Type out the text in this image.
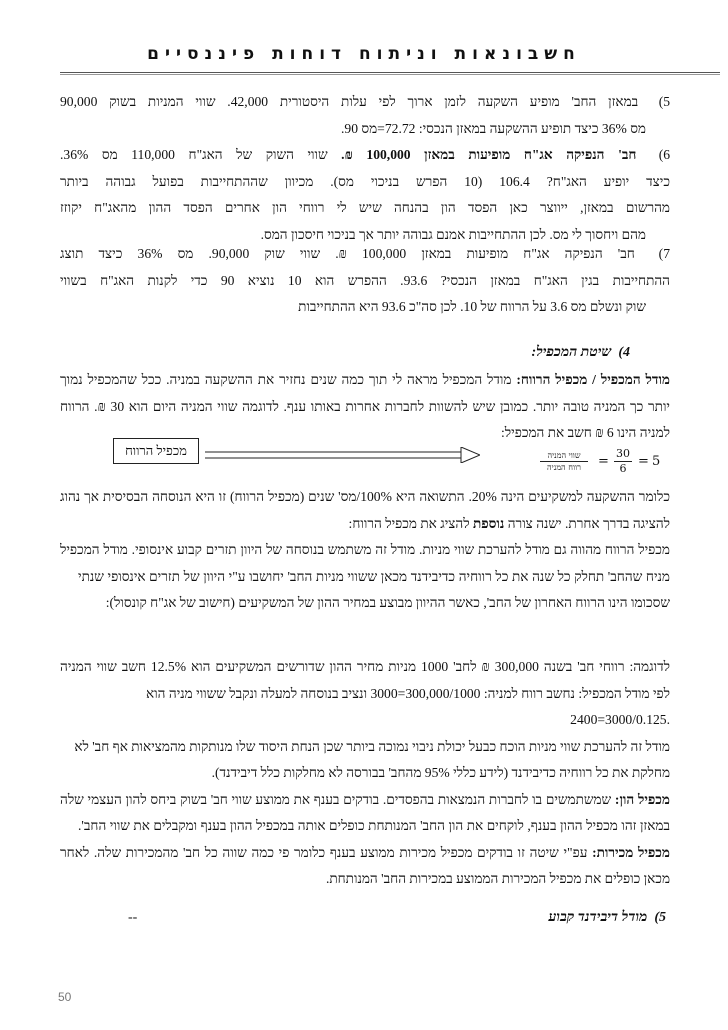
חשבונאות וניתוח דוחות פיננסיים
5) במאזן החב' מופיע השקעה לזמן ארוך לפי עלות היסטורית 42,000. שווי המניות בשוק 90,000
מס 36% כיצד תופיע ההשקעה במאזן הנכסי: 72.72=מס 90.
6) חב' הנפיקה אג"ח מופיעות במאזן 100,000 ₪. שווי השוק של האג"ח 110,000 מס 36%.
כיצד יופיע האג"ח? 106.4 (10 הפרש בניכוי מס). מכיוון שההתחייבות בפועל גבוהה ביותר
מהרשום במאזן, ייווצר כאן הפסד הון בהנחה שיש לי רווחי הון אחרים הפסד ההון מהאג"ח יקוזז
מהם ויחסוך לי מס. לכן ההתחייבות אמנם גבוהה יותר אך בניכוי חיסכון המס.
7) חב' הנפיקה אג"ח מופיעות במאזן 100,000 ₪. שווי שוק 90,000. מס 36% כיצד תוצג
ההתחייבות בגין האג"ח במאזן הנכסי? 93.6. ההפרש הוא 10 נוציא 90 כדי לקנות האג"ח בשווי
שוק ונשלם מס 3.6 על הרווח של 10. לכן סה"כ 93.6 היא ההתחייבות
4)  שיטת המכפיל:
מודל המכפיל / מכפיל הרווח: מודל המכפיל מראה לי תוך כמה שנים נחזיר את ההשקעה במניה. ככל שהמכפיל נמוך
יותר כך המניה טובה יותר. כמובן שיש להשוות לחברות אחרות באותו ענף. לדוגמה שווי המניה היום הוא 30 ₪. הרווח
למניה הינו 6 ₪ חשב את המכפיל:
מכפיל הרווח	שווי המניה
רווח המניה	= $\frac{30}{6} = 5$
כלומר ההשקעה למשקיעים הינה 20%. התשואה היא 100%/מס' שנים (מכפיל הרווח) זו היא הנוסחה הבסיסית אך נהוג
להציגה בדרך אחרת. ישנה צורה נוספת להציג את מכפיל הרווח:
מכפיל הרווח מהווה גם מודל להערכת שווי מניות. מודל זה משתמש בנוסחה של היוון תזרים קבוע אינסופי. מודל המכפיל
מניח שהחב' תחלק כל שנה את כל רווחיה כדיבידנד מכאן ששווי מניות החב' יחושבו ע"י היוון של תזרים אינסופי שנתי
שסכומו הינו הרווח האחרון של החב', כאשר ההיוון מבוצע במחיר ההון של המשקיעים (חישוב של אג"ח קונסול):
לדוגמה: רווחי חב' בשנה 300,000 ₪ לחב' 1000 מניות מחיר ההון שדורשים המשקיעים הוא 12.5% חשב שווי המניה
לפי מודל המכפיל: נחשב רווח למניה: 300,000/1000=3000 ונציב בנוסחה למעלה ונקבל ששווי מניה הוא
.3000/0.125=2400
מודל זה להערכת שווי מניות הוכח כבעל יכולת ניבוי נמוכה ביותר שכן הנחת היסוד שלו מנותקות מהמציאות אף חב' לא
מחלקת את כל רווחיה כדיבידנד (לידע כללי 95% מהחב' בבורסה לא מחלקות כלל דיבידנד).
מכפיל הון: שמשתמשים בו לחברות הנמצאות בהפסדים. בודקים בענף את ממוצע שווי חב' בשוק ביחס להון העצמי שלה
במאזן זהו מכפיל ההון בענף, לוקחים את הון החב' המנותחת כופלים אותה במכפיל ההון בענף ומקבלים את שווי החב'.
מכפיל מכירות: עפ"י שיטה זו בודקים מכפיל מכירות ממוצע בענף כלומר פי כמה שווה כל חב' מהמכירות שלה. לאחר
מכאן כופלים את מכפיל המכירות הממוצע במכירות החב' המנותחת.
--	5)  מודל דיבידנד קבוע
50
